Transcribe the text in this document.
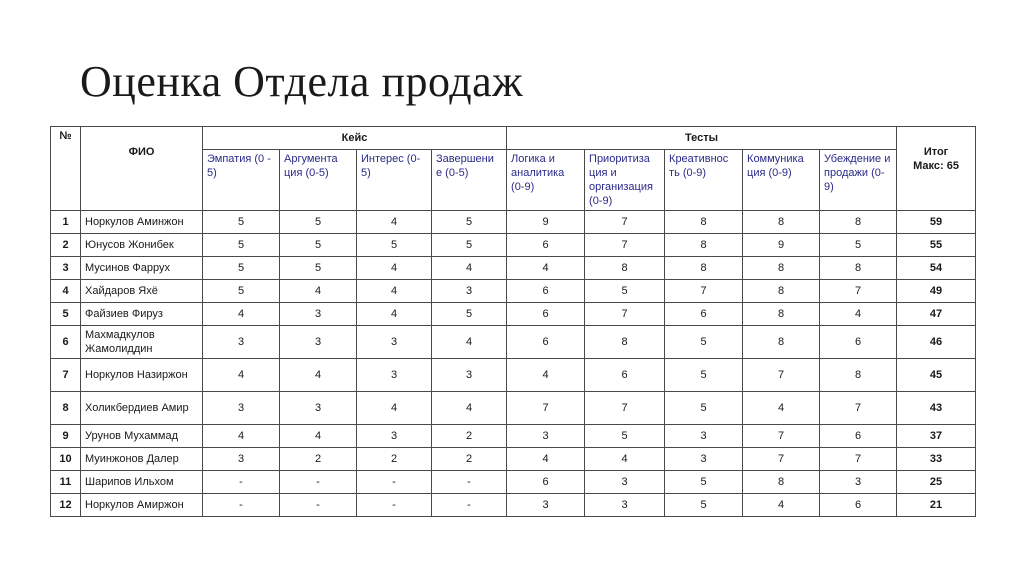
Оценка Отдела продаж
№	ФИО	Кейс				Тесты					Итог
Макс: 65
		Эмпатия (0 - 5)	Аргумента ция (0-5)	Интерес (0-5)	Завершени е (0-5)	Логика и аналитика (0-9)	Приоритиза ция и организация (0-9)	Креативнос ть (0-9)	Коммуника ция (0-9)	Убеждение и продажи (0-9)	
1	Норкулов Аминжон	5	5	4	5	9	7	8	8	8	59
2	Юнусов Жонибек	5	5	5	5	6	7	8	9	5	55
3	Мусинов Фаррух	5	5	4	4	4	8	8	8	8	54
4	Хайдаров Яхё	5	4	4	3	6	5	7	8	7	49
5	Файзиев Фируз	4	3	4	5	6	7	6	8	4	47
6	Махмадкулов Жамолиддин	3	3	3	4	6	8	5	8	6	46
7	Норкулов Назиржон	4	4	3	3	4	6	5	7	8	45
8	Холикбердиев Амир	3	3	4	4	7	7	5	4	7	43
9	Урунов Мухаммад	4	4	3	2	3	5	3	7	6	37
10	Муинжонов Далер	3	2	2	2	4	4	3	7	7	33
11	Шарипов Ильхом	-	-	-	-	6	3	5	8	3	25
12	Норкулов Амиржон	-	-	-	-	3	3	5	4	6	21
